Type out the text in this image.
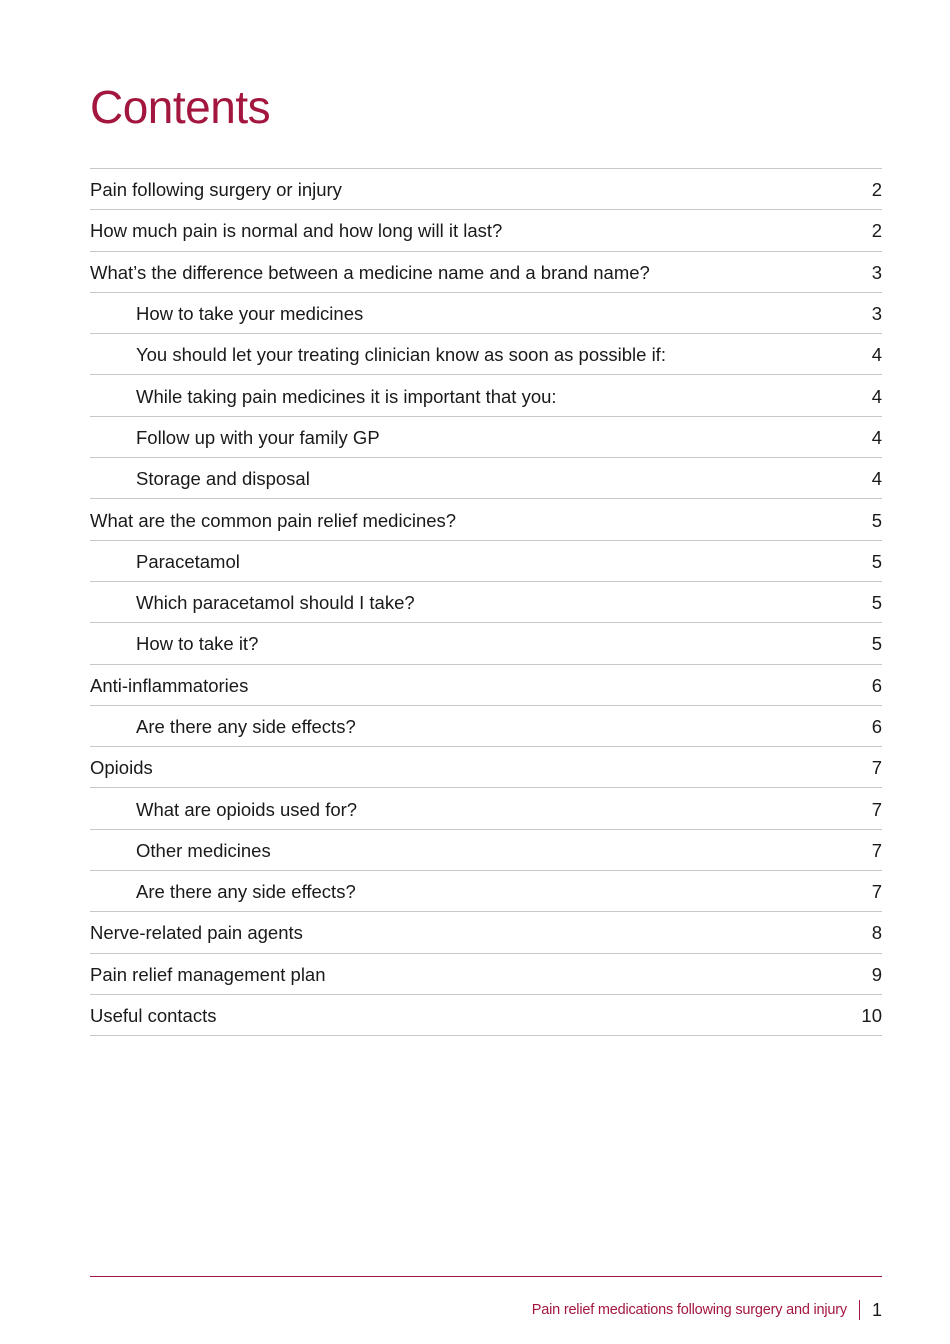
Contents
Pain following surgery or injury	2
How much pain is normal and how long will it last?	2
What’s the difference between a medicine name and a brand name?	3
How to take your medicines	3
You should let your treating clinician know as soon as possible if:	4
While taking pain medicines it is important that you:	4
Follow up with your family GP	4
Storage and disposal	4
What are the common pain relief medicines?	5
Paracetamol	5
Which paracetamol should I take?	5
How to take it?	5
Anti-inflammatories	6
Are there any side effects?	6
Opioids	7
What are opioids used for?	7
Other medicines	7
Are there any side effects?	7
Nerve-related pain agents	8
Pain relief management plan	9
Useful contacts	10
Pain relief medications following surgery and injury 1
